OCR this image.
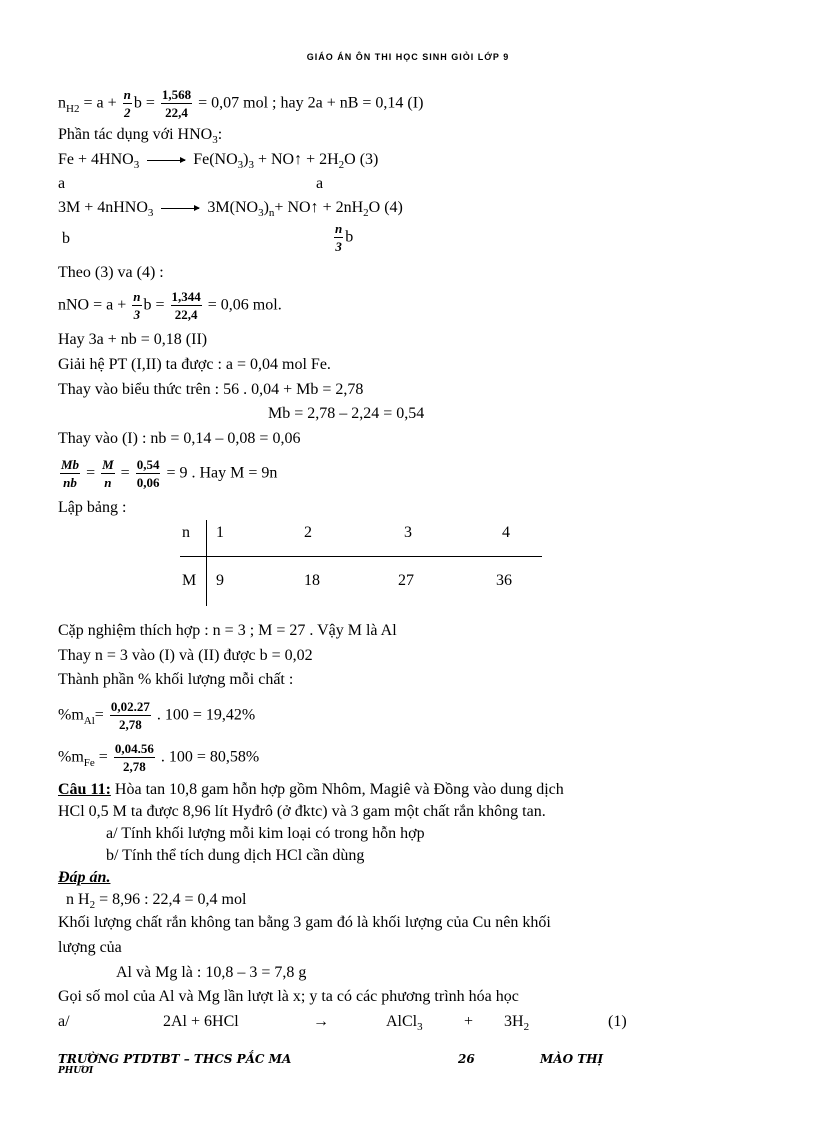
GIÁO ÁN ÔN THI HỌC SINH GIỎI LỚP 9
$n_{H2} = a + \frac{n}{2}$ $b = \frac{1,568}{22,4} = 0,07$ mol ; hay 2a + nB = 0,14 (I)
Phần tác dụng với $HNO_3$:
$Fe + 4HNO_3 \to Fe(NO_3)_3$ + NO↑ + $2H_2O$ (3)
a	a
3M + 4nHNO$_3$ → $3M(NO_3)_n+$ NO↑ + $2nH_2O$ (4)
b	$\frac{n}{3}$ b
Theo (3) va (4) :
nNO = $a + \frac{n}{3}$ $b = \frac{1,344}{22,4} = 0,06$ mol.
Hay 3a + nb = 0,18 (II)
Giải hệ PT (I,II) ta được : a = 0,04 mol Fe.
Thay vào biểu thức trên : 56 . 0,04 + Mb = 2,78
Mb = 2,78 – 2,24 = 0,54
Thay vào (I) : nb = 0,14 – 0,08 = 0,06
$\frac{Mb}{nb} = \frac{M}{n} = \frac{0,54}{0,06} = 9$ . Hay M = 9n
Lập bảng :
n 1	2	3	4
M 9	18	27	36
Cặp nghiệm thích hợp : n = 3 ; M = 27 . Vậy M là Al
Thay n = 3 vào (I) và (II) được b = 0,02
Thành phần % khối lượng mỗi chất :
$\%m_{Al}= \frac{0,02.27}{2,78}$ . 100 = 19,42%
$\%m_{Fe} = \frac{0,04.56}{2,78}$ . 100 = 80,58%
Câu 11: Hòa tan 10,8 gam hỗn hợp gồm Nhôm, Magiê và Đồng vào dung dịch
HCl 0,5 M ta được 8,96 lít Hyđrô (ở đktc) và 3 gam một chất rắn không tan.
a/ Tính khối lượng mỗi kim loại có trong hỗn hợp
b/ Tính thể tích dung dịch HCl cần dùng
Đáp án.
n $H_2 = 8,96$ : 22,4 = 0,4 mol
Khối lượng chất rắn không tan bằng 3 gam đó là khối lượng của Cu nên khối
lượng của
Al và Mg là : 10,8 – 3 = 7,8 g
Gọi số mol của Al và Mg lần lượt là x; y ta có các phương trình hóa học
a/	2Al + 6HCl	→	AlCl$_3$	+ $3H_2$	(1)
TRƯỜNG PTDTBT – THCS PẮC MA
PHƯƠI
26	MÀO THỊ
